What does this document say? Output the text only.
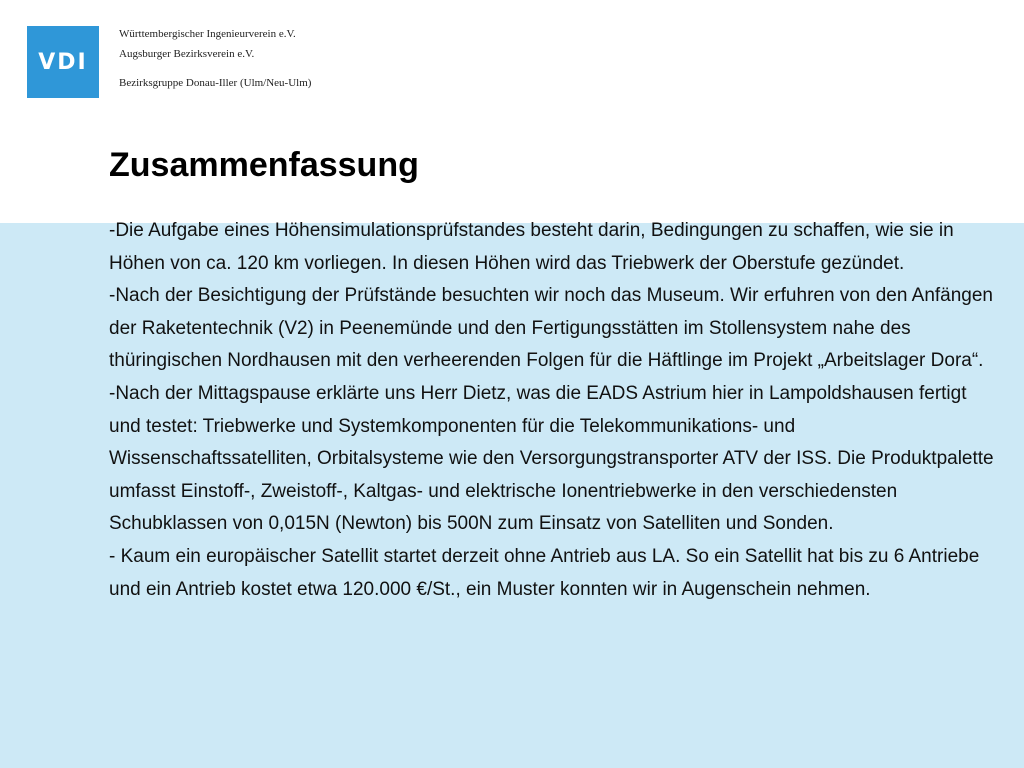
VDI
Württembergischer Ingenieurverein e.V.
Augsburger Bezirksverein e.V.
Bezirksgruppe Donau-Iller (Ulm/Neu-Ulm)
Zusammenfassung

-Die Aufgabe eines Höhensimulationsprüfstandes besteht darin, Bedingungen zu schaffen, wie sie in Höhen von ca. 120 km vorliegen. In diesen Höhen wird das Triebwerk der Oberstufe gezündet.

-Nach der Besichtigung der Prüfstände besuchten wir noch das Museum. Wir erfuhren von den Anfängen der Raketentechnik (V2) in Peenemünde und den Fertigungsstätten im Stollensystem nahe des thüringischen Nordhausen mit den verheerenden Folgen für die Häftlinge im Projekt „Arbeitslager Dora“.

-Nach der Mittagspause erklärte uns Herr Dietz, was die EADS Astrium hier in Lampoldshausen fertigt und testet: Triebwerke und Systemkomponenten für die Telekommunikations- und Wissenschaftssatelliten, Orbitalsysteme wie den Versorgungstransporter ATV der ISS. Die Produktpalette umfasst Einstoff-, Zweistoff-, Kaltgas- und elektrische Ionentriebwerke in den verschiedensten Schubklassen von 0,015N (Newton) bis 500N zum Einsatz von Satelliten und Sonden.

- Kaum ein europäischer Satellit startet derzeit ohne Antrieb aus LA. So ein Satellit hat bis zu 6 Antriebe und ein Antrieb kostet etwa 120.000 €/St., ein Muster konnten wir in Augenschein nehmen.
